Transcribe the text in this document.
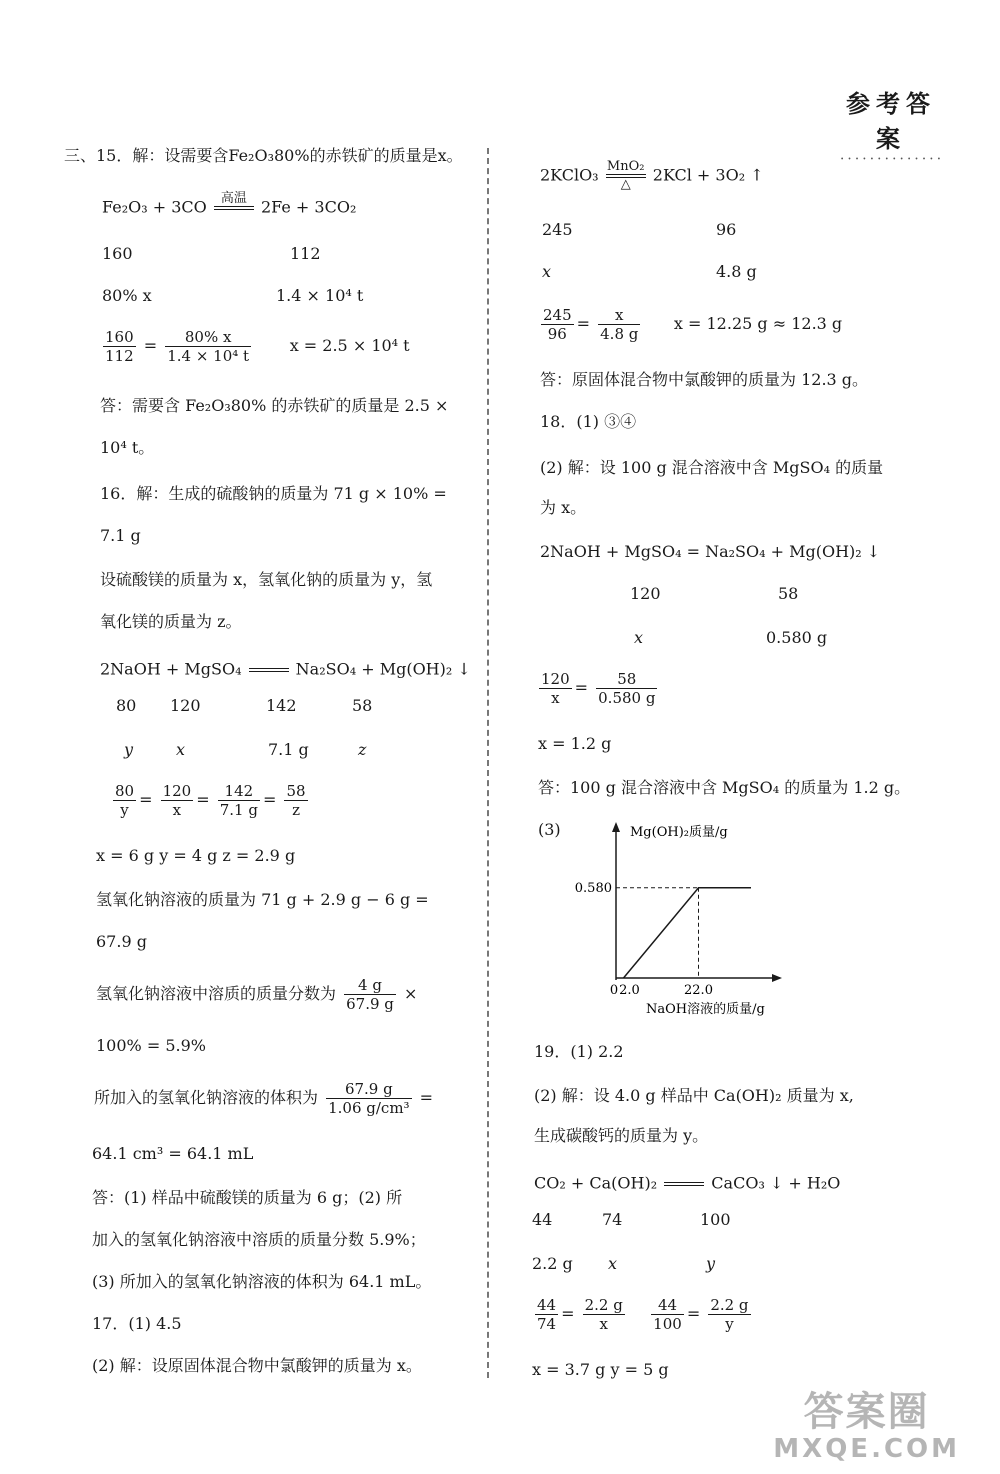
参考答案
• • • • • • • • • • • • • •
三、15．解：设需要含Fe₂O₃80%的赤铁矿的质量是x。
Fe₂O₃ + 3CO	高温
2Fe + 3CO₂
160	112
80% x	1.4 × 10⁴ t
$\frac{160}{112} = \frac{80\% x}{\text{1.4 × 10⁴ t}}$ x = 2.5 × 10⁴ t
答：需要含 Fe₂O₃80% 的赤铁矿的质量是 2.5 ×
10⁴ t。
16．解：生成的硫酸钠的质量为 71 g × 10% =
7.1 g
设硫酸镁的质量为 x，氢氧化钠的质量为 y，氢
氧化镁的质量为 z。
2NaOH + MgSO₄

	Na₂SO₄ + Mg(OH)₂ ↓
80 120	142	58
y	x	7.1 g	z
$\frac{80}{y} = \frac{120}{x} = \frac{142}{7.1 g} = \frac{58}{z}$
x = 6 g y = 4 g z = 2.9 g
氢氧化钠溶液的质量为 71 g + 2.9 g − 6 g =
67.9 g
氢氧化钠溶液中溶质的质量分数为 $\frac{4 g}{67.9 g}$ ×
100% = 5.9%
所加入的氢氧化钠溶液的体积为 $\frac{67.9 g}{\text{1.06 g/cm³}}$ =
64.1 cm³ = 64.1 mL
答：(1) 样品中硫酸镁的质量为 6 g；(2) 所
加入的氢氧化钠溶液中溶质的质量分数 5.9%；
(3) 所加入的氢氧化钠溶液的体积为 64.1 mL。
17．(1) 4.5
(2) 解：设原固体混合物中氯酸钾的质量为 x。
2KClO₃ MnO₂
△	2KCl + 3O₂ ↑
245	96
x	4.8 g
$\frac{245}{96} = \frac{x}{4.8 g}$ x = 12.25 g ≈ 12.3 g
答：原固体混合物中氯酸钾的质量为 12.3 g。
18．(1) ③④
(2) 解：设 100 g 混合溶液中含 MgSO₄ 的质量
为 x。
2NaOH + MgSO₄ = Na₂SO₄ + Mg(OH)₂ ↓
120	58
x	0.580 g
$\frac{120}{x} = \frac{58}{0.580 g}$
x = 1.2 g
答：100 g 混合溶液中含 MgSO₄ 的质量为 1.2 g。
(3)
19．(1) 2.2
(2) 解：设 4.0 g 样品中 Ca(OH)₂ 质量为 x,
生成碳酸钙的质量为 y。
CO₂ + Ca(OH)₂

	CaCO₃ ↓ + H₂O
44	74	100
2.2 g x	y
$\frac{44}{74} = \frac{2.2 g}{x}$
$\frac{44}{100} = \frac{2.2 g}{y}$
x = 3.7 g y = 5 g
Mg(OH)₂质量/g
NaOH溶液的质量/g
0.580
0 2.0	22.0
答案圈
MXQE.COM
